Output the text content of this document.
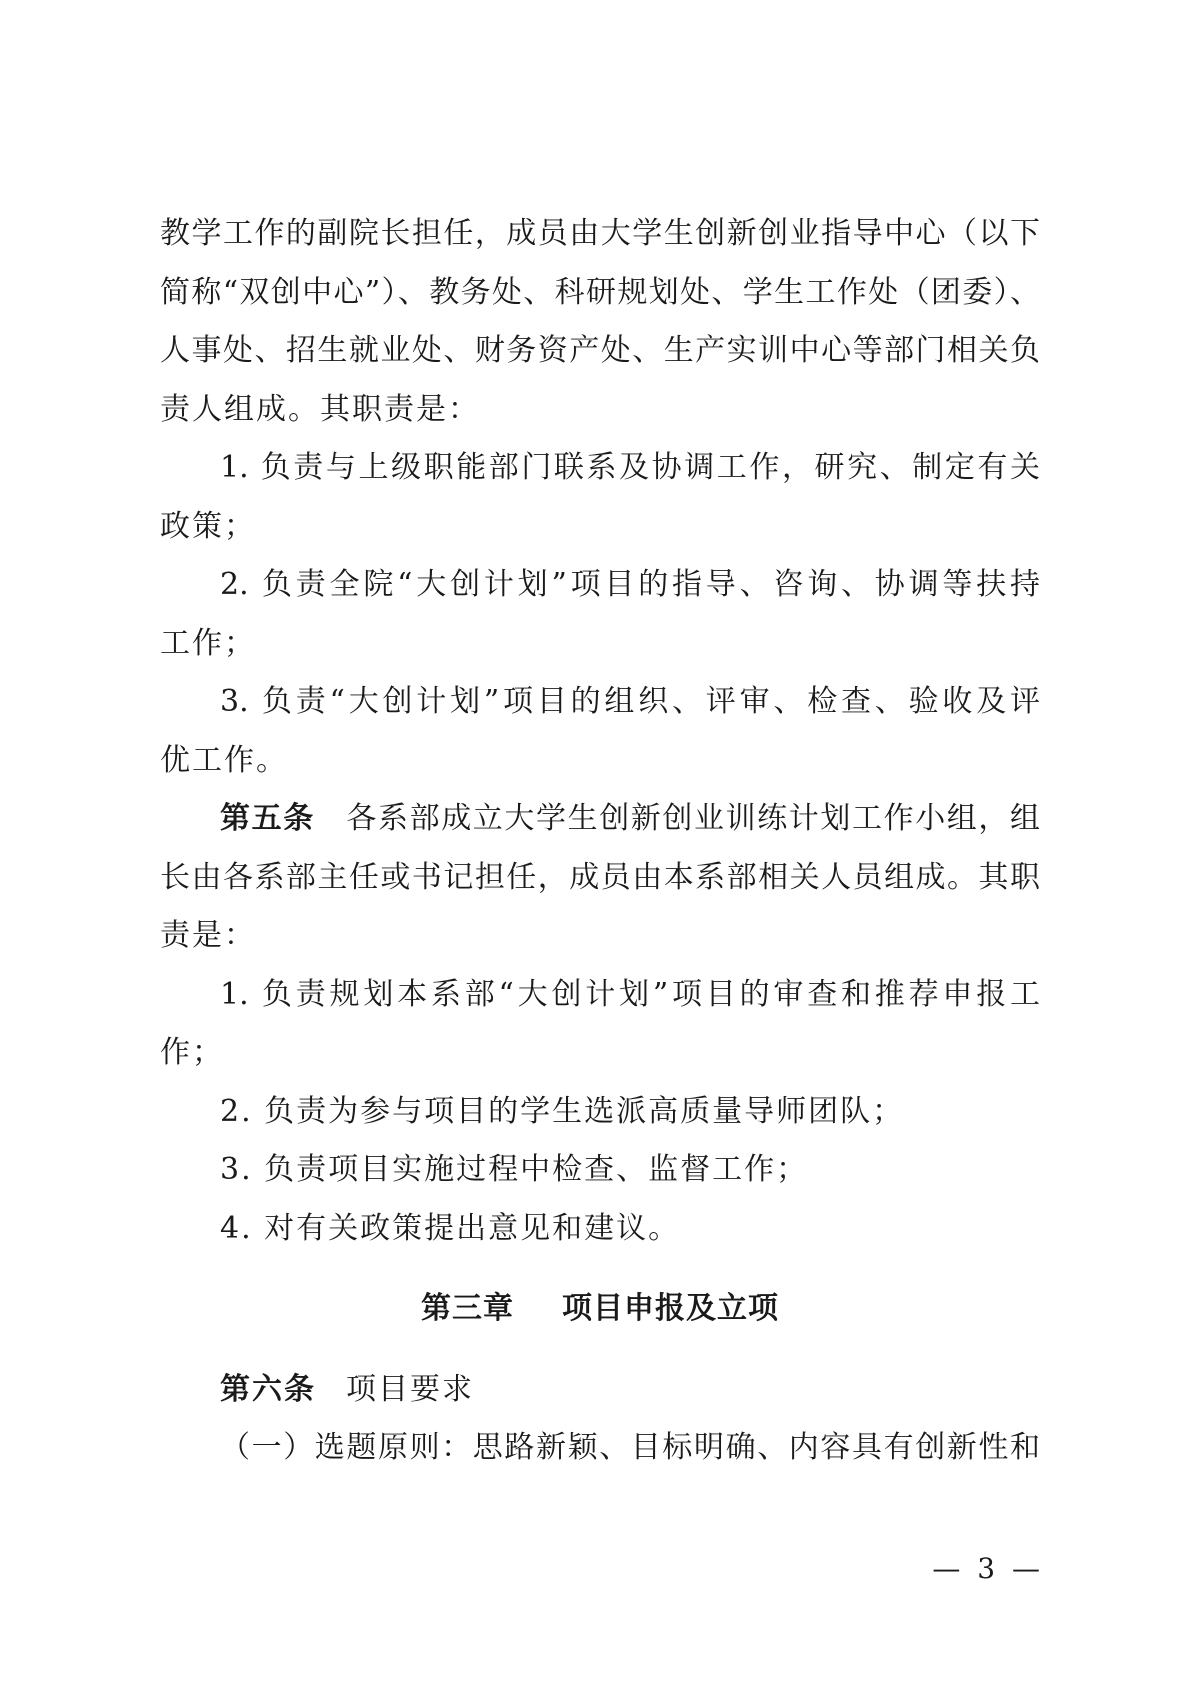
教学工作的副院长担任，成员由大学生创新创业指导中心（以下
简称“双创中心”）、教务处、科研规划处、学生工作处（团委）、
人事处、招生就业处、财务资产处、生产实训中心等部门相关负
责人组成。其职责是：
1. 负责与上级职能部门联系及协调工作，研究、制定有关
政策；
2. 负责全院“大创计划”项目的指导、咨询、协调等扶持
工作；
3. 负责“大创计划”项目的组织、评审、检查、验收及评
优工作。
第五条 各系部成立大学生创新创业训练计划工作小组，组
长由各系部主任或书记担任，成员由本系部相关人员组成。其职
责是：
1. 负责规划本系部“大创计划”项目的审查和推荐申报工
作；
2. 负责为参与项目的学生选派高质量导师团队；
3. 负责项目实施过程中检查、监督工作；
4. 对有关政策提出意见和建议。
第三章 项目申报及立项
第六条 项目要求
（一）选题原则：思路新颖、目标明确、内容具有创新性和
— 3 —
